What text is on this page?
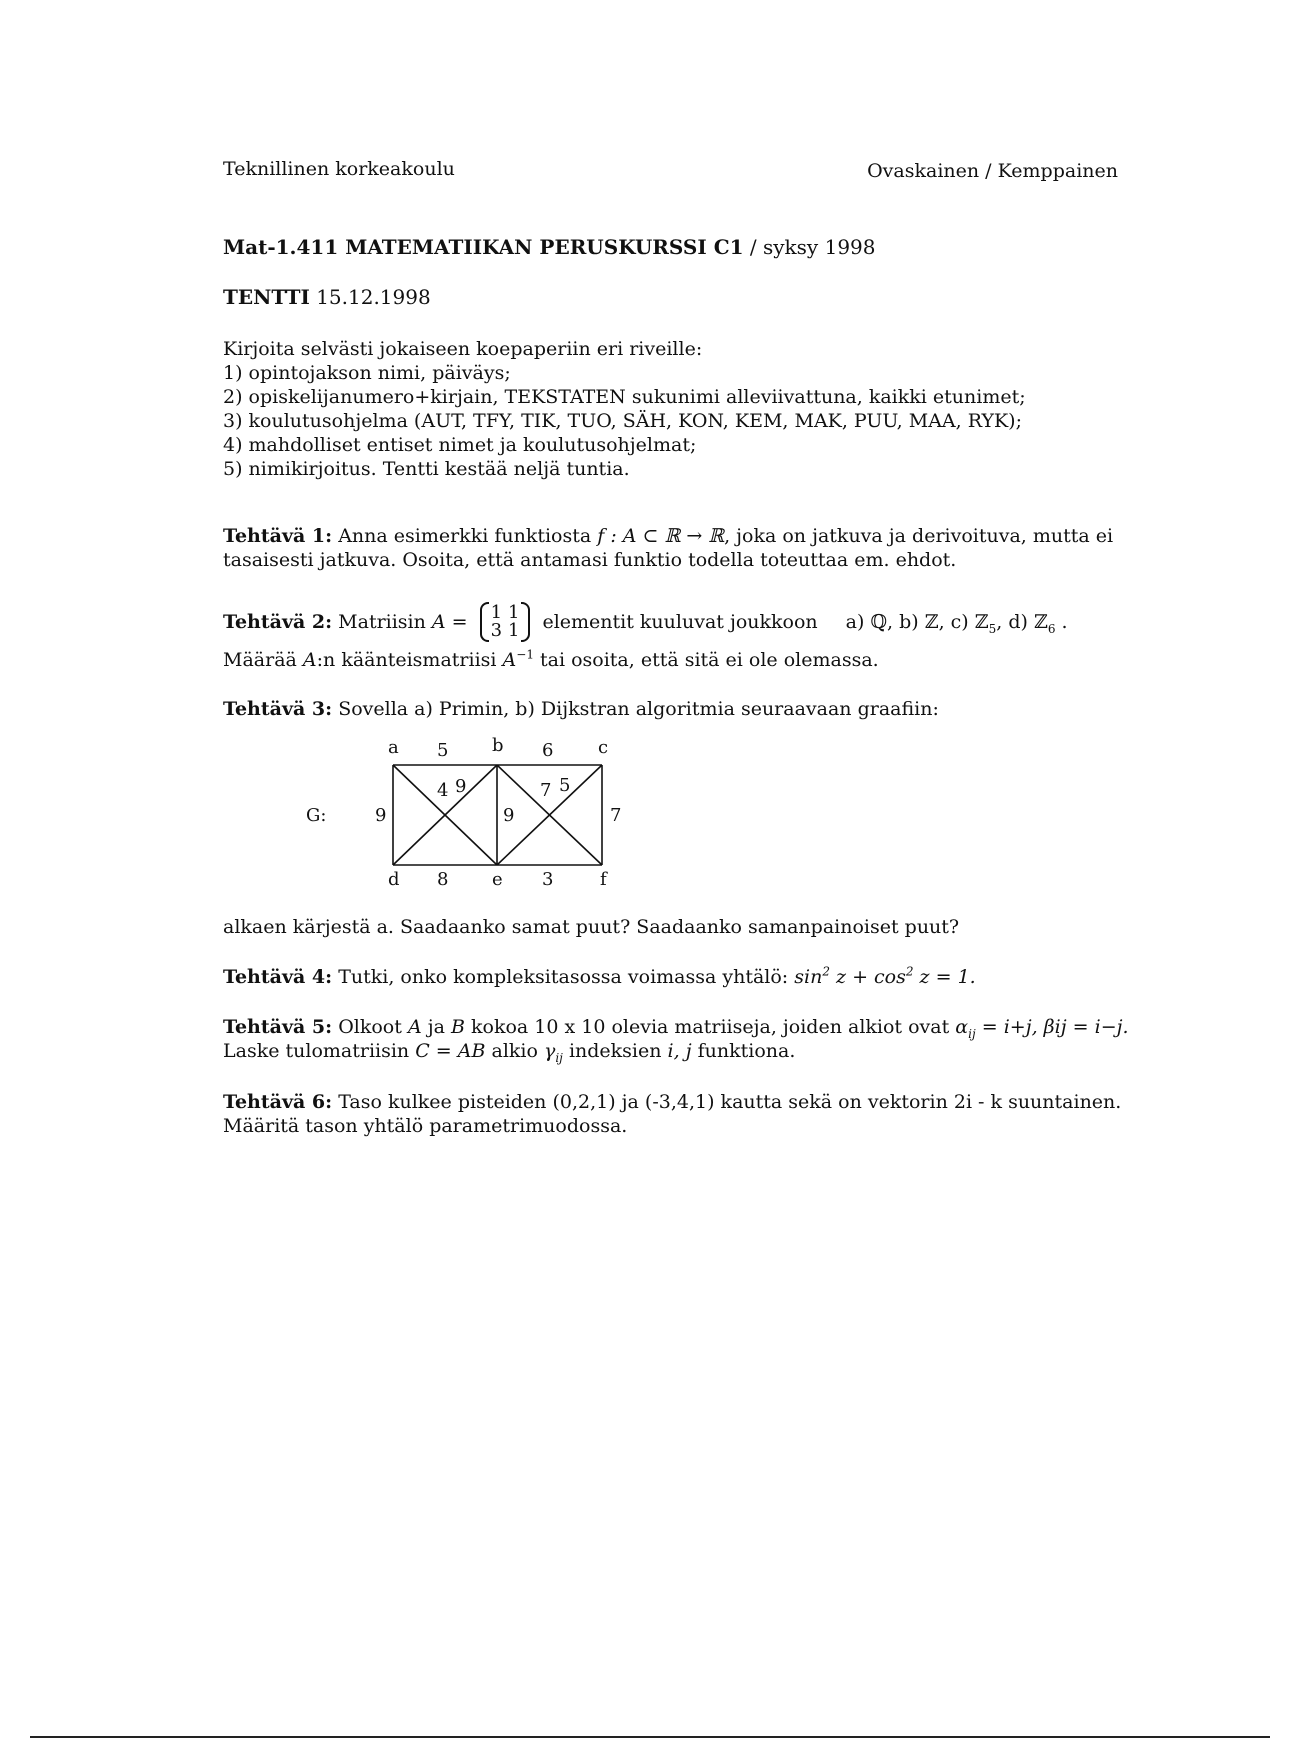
Teknillinen korkeakoulu	Ovaskainen / Kemppainen
Mat-1.411 MATEMATIIKAN PERUSKURSSI C1 / syksy 1998
TENTTI 15.12.1998
Kirjoita selvästi jokaiseen koepaperiin eri riveille:
1) opintojakson nimi, päiväys;
2) opiskelijanumero+kirjain, TEKSTATEN sukunimi alleviivattuna, kaikki etunimet;
3) koulutusohjelma (AUT, TFY, TIK, TUO, SÄH, KON, KEM, MAK, PUU, MAA, RYK);
4) mahdolliset entiset nimet ja koulutusohjelmat;
5) nimikirjoitus. Tentti kestää neljä tuntia.
Tehtävä 1: Anna esimerkki funktiosta f : A ⊂ ℝ → ℝ, joka on jatkuva ja derivoituva, mutta ei
tasaisesti jatkuva. Osoita, että antamasi funktio todella toteuttaa em. ehdot.
Tehtävä 2: Matriisin A = 1	1
3	1 elementit kuuluvat joukkoon a) ℚ, b) ℤ, c) ℤ$_5$, d) ℤ$_6$ .
Määrää A:n käänteismatriisi $A^{-1}$ tai osoita, että sitä ei ole olemassa.
Tehtävä 3: Sovella a) Primin, b) Dijkstran algoritmia seuraavaan graafiin:
G:
a	b	c
d	e	f
5	6
8	3
9	9	7
4 9	7 5
alkaen kärjestä a. Saadaanko samat puut? Saadaanko samanpainoiset puut?
Tehtävä 4: Tutki, onko kompleksitasossa voimassa yhtälö: $\sin^2 z + \cos^2 z = 1$.
Tehtävä 5: Olkoot A ja B kokoa 10 x 10 olevia matriiseja, joiden alkiot ovat $\alpha_{ij} = i+j$, βij = i−j.
Laske tulomatriisin C = AB alkio $\gamma_{ij}$ indeksien i, j funktiona.
Tehtävä 6: Taso kulkee pisteiden (0,2,1) ja (-3,4,1) kautta sekä on vektorin 2i - k suuntainen.
Määritä tason yhtälö parametrimuodossa.
